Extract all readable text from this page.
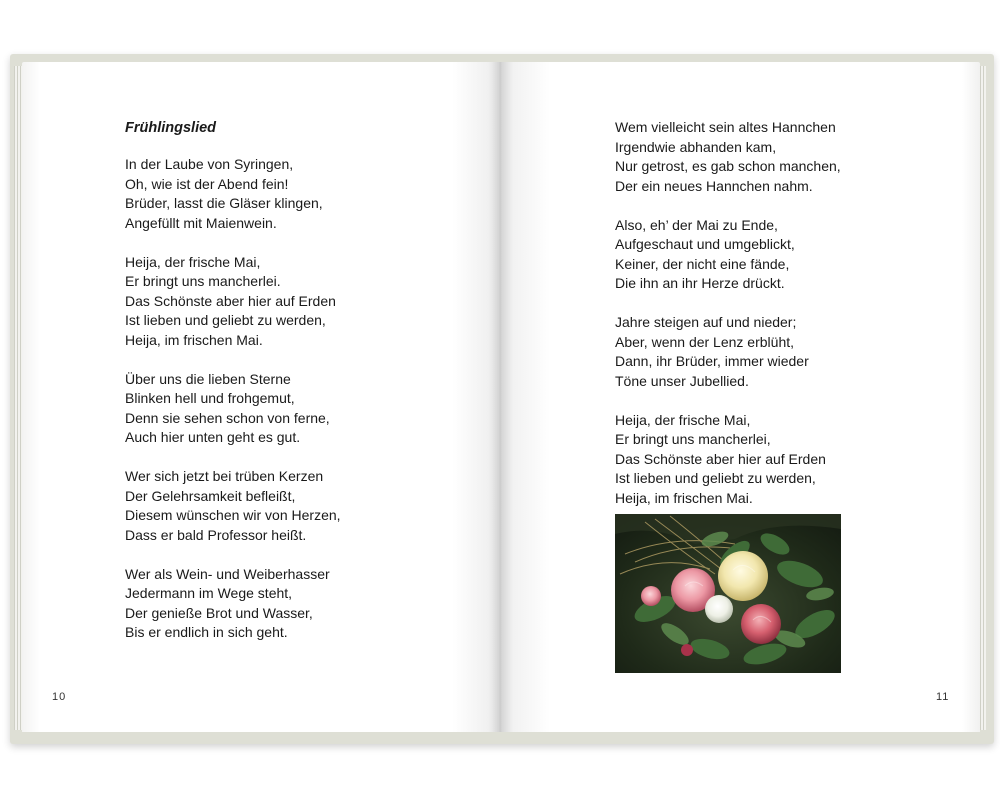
Frühlingslied
In der Laube von Syringen,
Oh, wie ist der Abend fein!
Brüder, lasst die Gläser klingen,
Angefüllt mit Maienwein.
Heija, der frische Mai,
Er bringt uns mancherlei.
Das Schönste aber hier auf Erden
Ist lieben und geliebt zu werden,
Heija, im frischen Mai.
Über uns die lieben Sterne
Blinken hell und frohgemut,
Denn sie sehen schon von ferne,
Auch hier unten geht es gut.
Wer sich jetzt bei trüben Kerzen
Der Gelehrsamkeit befleißt,
Diesem wünschen wir von Herzen,
Dass er bald Professor heißt.
Wer als Wein- und Weiberhasser
Jedermann im Wege steht,
Der genieße Brot und Wasser,
Bis er endlich in sich geht.
10
Wem vielleicht sein altes Hannchen
Irgendwie abhanden kam,
Nur getrost, es gab schon manchen,
Der ein neues Hannchen nahm.
Also, eh’ der Mai zu Ende,
Aufgeschaut und umgeblickt,
Keiner, der nicht eine fände,
Die ihn an ihr Herze drückt.
Jahre steigen auf und nieder;
Aber, wenn der Lenz erblüht,
Dann, ihr Brüder, immer wieder
Töne unser Jubellied.
Heija, der frische Mai,
Er bringt uns mancherlei,
Das Schönste aber hier auf Erden
Ist lieben und geliebt zu werden,
Heija, im frischen Mai.
11
